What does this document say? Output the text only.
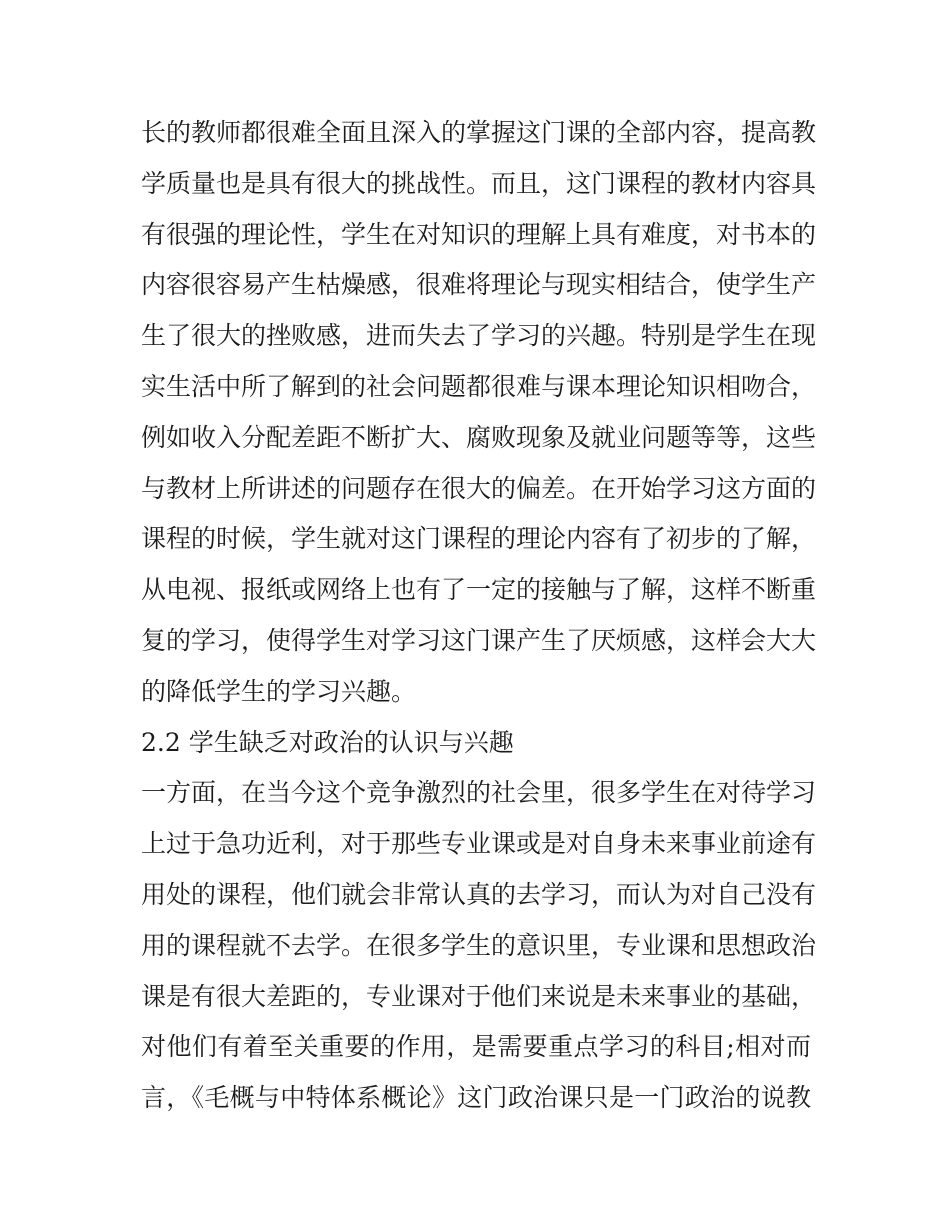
长的教师都很难全面且深入的掌握这门课的全部内容，提高教
学质量也是具有很大的挑战性。而且，这门课程的教材内容具
有很强的理论性，学生在对知识的理解上具有难度，对书本的
内容很容易产生枯燥感，很难将理论与现实相结合，使学生产
生了很大的挫败感，进而失去了学习的兴趣。特别是学生在现
实生活中所了解到的社会问题都很难与课本理论知识相吻合，
例如收入分配差距不断扩大、腐败现象及就业问题等等，这些
与教材上所讲述的问题存在很大的偏差。在开始学习这方面的
课程的时候，学生就对这门课程的理论内容有了初步的了解，
从电视、报纸或网络上也有了一定的接触与了解，这样不断重
复的学习，使得学生对学习这门课产生了厌烦感，这样会大大
的降低学生的学习兴趣。
2.2 学生缺乏对政治的认识与兴趣
一方面，在当今这个竞争激烈的社会里，很多学生在对待学习
上过于急功近利，对于那些专业课或是对自身未来事业前途有
用处的课程，他们就会非常认真的去学习，而认为对自己没有
用的课程就不去学。在很多学生的意识里，专业课和思想政治
课是有很大差距的，专业课对于他们来说是未来事业的基础，
对他们有着至关重要的作用，是需要重点学习的科目;相对而
言，《毛概与中特体系概论》这门政治课只是一门政治的说教
